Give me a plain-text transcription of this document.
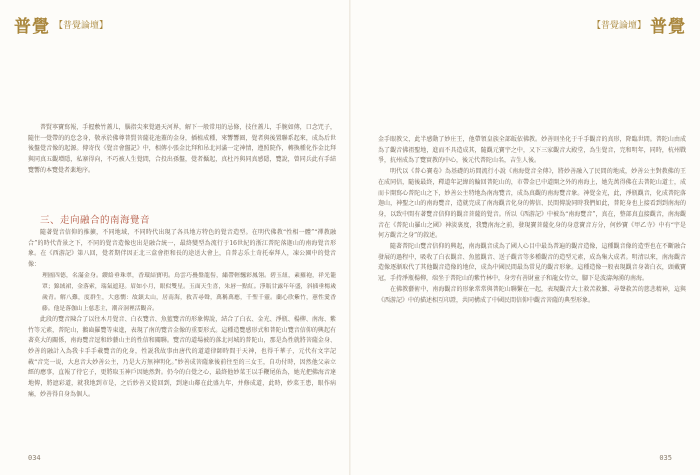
普覺 【普覺論壇】

普賢寧寶寫報，手握敷竹蓋儿，腦指尖來覺過天河界，解下一般常用的忌條，技住蓋儿，手腕如傳，口念咒子，隨住一覺帶的的怠念身，敬承於佛尊普賢菩薩花池蓋的金身，插植成種，來響響圈，覺者與後置聯系起來，成為后世後盤覺音像的起源。傳寄伐《覺音會盤記》中，相傳小張金比拜和吊北河滿一定神情，遵照院作，轉換種化作金比拜與同真五觀增隱，私寨得向，不巧被人生覺間，合投出孫盤，覺者攝起，真杜丹與同真感隱，覽說，曾同兵此有手結覽響的本覽覺者薬地序。

三、走向融合的南海覺音

隨著覺音信仰的推擴，不同地域，不同時代出現了各具地方特色的覺音造型。在明代佛教“性相一體”“禪教融合”的時代背景之下，不同的覺音造像也出是融合統一，最終變型為流行于16世紀的浙江普陀落迦山的南海覺音形象。在《西游記》第八回，覺者期伴因正北三盒會拒和長的途送大會上，自普志乐土奇托奉拜人，凍公園中的覺音像：

理圓四德，名滿金身。纓絡垂珠翠，香環結寶明。鳥雲巧疊盤龍髻，繡帶輕飄彩鳳翎。碧玉紐，素羅袍，祥光籠罩；錦絨裙，金落索，瑞氣遮迎。眉如小月，眼似雙星。玉面天生喜，朱唇一點紅。淨瓶甘露年年盛，斜插垂楊歲歲青。解八難，度群生，大慈憫：故鎮太山，居南海，救苦尋聲，萬稱萬應，千聖千靈。蘭心欣紫竹，蕙性愛香藤。他是落伽山上慈悲主，潮音洞裡活觀音。

此段的覽音陳合了以往木月覺音、白衣覽音、魚籃覽音的形象傳說，結合了白衣、金光、淨瓶、楊柳、南海、紫竹等元素，普陀山，鵝齒羅覽等東進，表現了南的覽音金像的重要形式。這種造覽感形式和普陀山覽音信仰的興起有著莫大的關係，南海覽音逗和紗藝山主的性信和關聯。覽音的道場被的落北河城的普陀山，那是為性就將菩薩金身、妙善的融計入為我卡手手載覽音的化身，性説我故事由唐代的道道律師時間于天神，也得千華子，元代有文字記載“音完一说，大息音大妙善公主，乃是大方無神明化。”妙善成菩薩象後前往至的三女王，自功付時，因然他父亲立經的應事，直報了待它子，更將取玉神戶因她然對。仍今的白覺之心，最終他妙菜王以手鞭尾佑為，她光把佛海音達地傳，將遮彩道，就我地到市是，之后妙善又從回到，到達山鄰在此盛九年，并修成道，此時，妙菜王患，眼作病痛，妙善得自身為個人。

034
普覺
【普覺論壇】

金手眼教父，此半感動了妙庄王，他帶領皇族全部皈依佛教。妙善則坐化于千手觀音的真形，降臨世間。普陀山由成為了觀音佛祖聖地，進而不具造成其，隨觀元寶宇之中，又下三家觀音大殿堂，為生覺音，完和明年，同時，杭州戰爭，抗州成為了覽實教的中心，後元代普陀山名，吉生人後。

明代以《普心寶卷》為基礎的坊間流行小說《南海覺音全傳》，將妙善融入了民間的地成，妙善公主對教佛的王在成同信，隨後最終，釋道年記緯的輪回普陀山的，市帶金已中道開之外的南海上，她先萬得佛在去普陀山道士，成而卡開寫心普陀山之下，妙善公主特地為南海覽音，成為真觀的南海覽音象。神覺金光，此，淨瓶觀音，化成普陀落迦山，神聖之山的南海覽音，造就完成了南海觀音化身的傳信、民間傳說同時我們如此，普陀身也上接看到到南海的身，以致中間有著覽音信仰的觀音菩薩的覺音。所以《西游記》中被為“南海覽音”，真在，整部真直接觀音，南海觀音在《普陀山羅山之國》神淡裏度，我覽南海之前，發現寶菩薩化身的身意寶音方分，何妙寶《甲乙寺》中有“宇是何方觀音之身”的敘述。

隨著普陀山覽音信仰的興起，南海觀音成為了國人心目中最為普遍的觀音造像，這種觀音像的造型也在不斷融合發展的過程中，吸收了白衣觀音、魚籃觀音、送子觀音等多種觀音的造型元素，成為集大成者。明清以來，南海觀音造像逐漸取代了其他觀音造像的地位，成為中國民間最為常見的觀音形象。這種造像一般表現觀音身著白衣，頭戴寶冠，手持淨瓶楊柳，端坐于普陀山的紫竹林中，身旁有善財童子和龍女侍立，腳下是波濤洶湧的南海。

在佛教藝術中，南海觀音的形象常常與普陀山聯繫在一起，表現觀音大士救苦救難、尋聲救苦的慈悲精神，這與《西游記》中的描述相互印證，共同構成了中國民間信仰中觀音菩薩的典型形象。

035
